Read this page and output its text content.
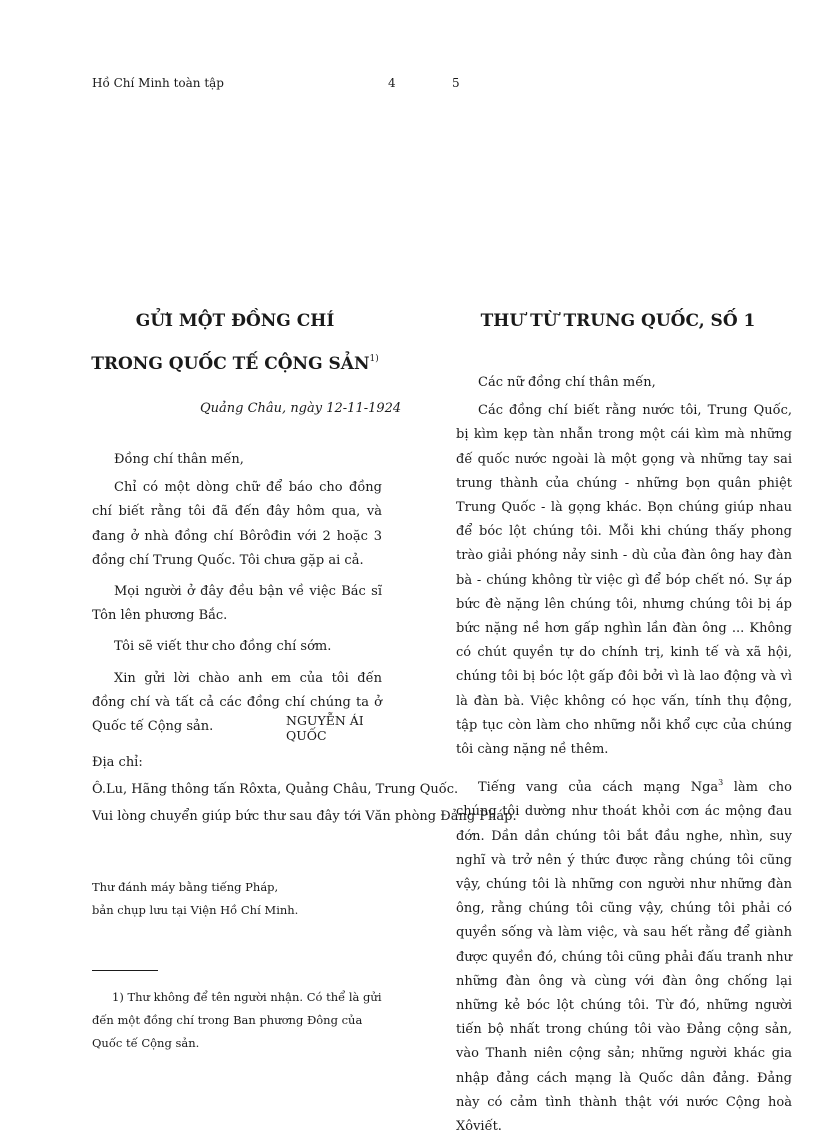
Hồ Chí Minh toàn tập	4
GỬI MỘT ĐỒNG CHÍ
TRONG QUỐC TẾ CỘNG SẢN$^{1)}$
Quảng Châu, ngày 12-11-1924

Đồng chí thân mến,

Chỉ có một dòng chữ để báo cho đồng chí biết rằng tôi đã đến đây hôm qua, và đang ở nhà đồng chí Bôrôđin với 2 hoặc 3 đồng chí Trung Quốc. Tôi chưa gặp ai cả.

Mọi người ở đây đều bận về việc Bác sĩ Tôn lên phương Bắc.

Tôi sẽ viết thư cho đồng chí sớm.

Xin gửi lời chào anh em của tôi đến đồng chí và tất cả các đồng chí chúng ta ở Quốc tế Cộng sản.	NGUYỄN ÁI QUỐC
Địa chỉ:
Ô.Lu, Hãng thông tấn Rôxta, Quảng Châu, Trung Quốc.
Vui lòng chuyển giúp bức thư sau đây tới Văn phòng Đảng Pháp.
Thư đánh máy bằng tiếng Pháp,
bản chụp lưu tại Viện Hồ Chí Minh.
1) Thư không để tên người nhận. Có thể là gửi đến một đồng chí trong Ban phương Đông của Quốc tế Cộng sản.
5
THƯ TỪ TRUNG QUỐC, SỐ 1

Các nữ đồng chí thân mến,

Các đồng chí biết rằng nước tôi, Trung Quốc, bị kìm kẹp tàn nhẫn trong một cái kìm mà những đế quốc nước ngoài là một gọng và những tay sai trung thành của chúng - những bọn quân phiệt Trung Quốc - là gọng khác. Bọn chúng giúp nhau để bóc lột chúng tôi. Mỗi khi chúng thấy phong trào giải phóng nảy sinh - dù của đàn ông hay đàn bà - chúng không từ việc gì để bóp chết nó. Sự áp bức đè nặng lên chúng tôi, nhưng chúng tôi bị áp bức nặng nề hơn gấp nghìn lần đàn ông ... Không có chút quyền tự do chính trị, kinh tế và xã hội, chúng tôi bị bóc lột gấp đôi bởi vì là lao động và vì là đàn bà. Việc không có học vấn, tính thụ động, tập tục còn làm cho những nỗi khổ cực của chúng tôi càng nặng nề thêm.

Tiếng vang của cách mạng Nga$^3$ làm cho chúng tôi dường như thoát khỏi cơn ác mộng đau đớn. Dần dần chúng tôi bắt đầu nghe, nhìn, suy nghĩ và trở nên ý thức được rằng chúng tôi cũng vậy, chúng tôi là những con người như những đàn ông, rằng chúng tôi cũng vậy, chúng tôi phải có quyền sống và làm việc, và sau hết rằng để giành được quyền đó, chúng tôi cũng phải đấu tranh như những đàn ông và cùng với đàn ông chống lại những kẻ bóc lột chúng tôi. Từ đó, những người tiến bộ nhất trong chúng tôi vào Đảng cộng sản, vào Thanh niên cộng sản; những người khác gia nhập đảng cách mạng là Quốc dân đảng. Đảng này có cảm tình thành thật với nước Cộng hoà Xôviết.
